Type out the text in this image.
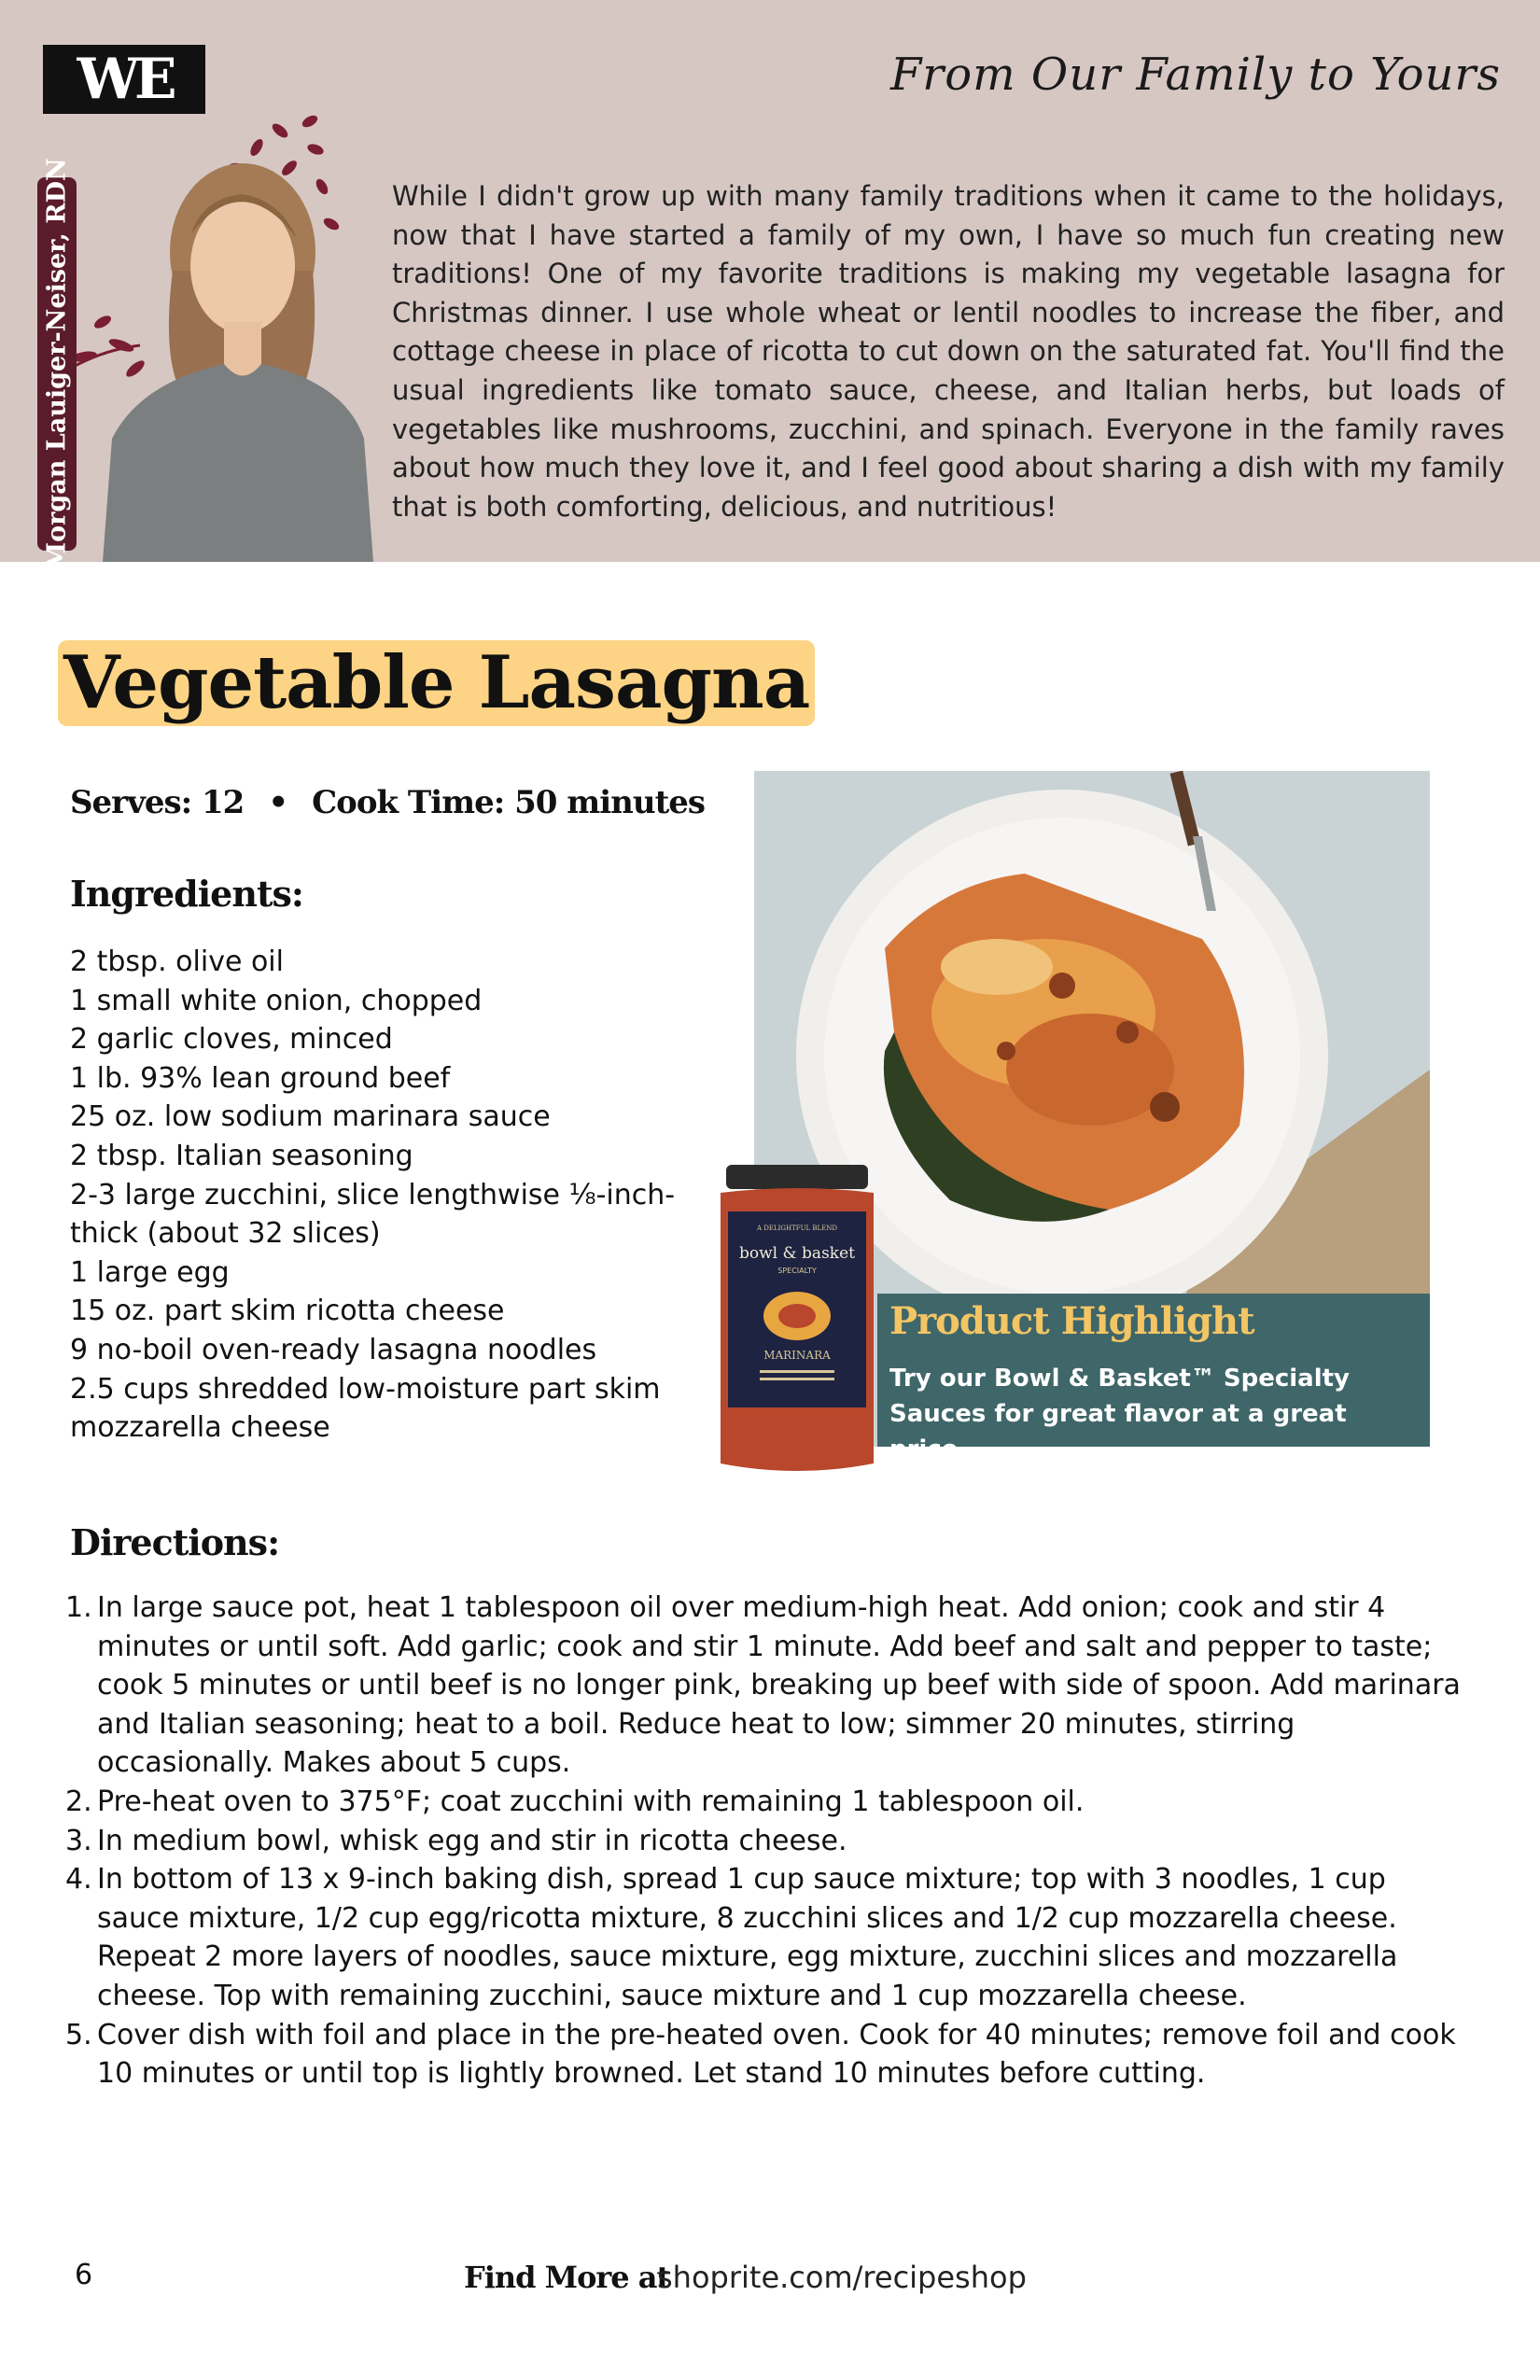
WE	From Our Family to Yours
Morgan Lauiger-Neiser, RDN	While I didn't grow up with many family traditions when it came to the holidays, now that I have started a family of my own, I have so much fun creating new traditions! One of my favorite traditions is making my vegetable lasagna for Christmas dinner. I use whole wheat or lentil noodles to increase the fiber, and cottage cheese in place of ricotta to cut down on the saturated fat. You'll find the usual ingredients like tomato sauce, cheese, and Italian herbs, but loads of vegetables like mushrooms, zucchini, and spinach. Everyone in the family raves about how much they love it, and I feel good about sharing a dish with my family that is both comforting, delicious, and nutritious!
Vegetable Lasagna
Serves: 12 • Cook Time: 50 minutes
Ingredients:
2 tbsp. olive oil
1 small white onion, chopped
2 garlic cloves, minced
1 lb. 93% lean ground beef
25 oz. low sodium marinara sauce
2 tbsp. Italian seasoning
2-3 large zucchini, slice lengthwise ⅛-inch-thick (about 32 slices)
1 large egg
15 oz. part skim ricotta cheese
9 no-boil oven-ready lasagna noodles
2.5 cups shredded low-moisture part skim mozzarella cheese
Product Highlight
Try our Bowl & Basket™ Specialty Sauces for great flavor at a great price.
A DELIGHTFUL BLEND
bowl & basket
SPECIALTY
MARINARA
Directions:
1. In large sauce pot, heat 1 tablespoon oil over medium-high heat. Add onion; cook and stir 4 minutes or until soft. Add garlic; cook and stir 1 minute. Add beef and salt and pepper to taste; cook 5 minutes or until beef is no longer pink, breaking up beef with side of spoon. Add marinara and Italian seasoning; heat to a boil. Reduce heat to low; simmer 20 minutes, stirring occasionally. Makes about 5 cups.
2. Pre-heat oven to 375°F; coat zucchini with remaining 1 tablespoon oil.
3. In medium bowl, whisk egg and stir in ricotta cheese.
4. In bottom of 13 x 9-inch baking dish, spread 1 cup sauce mixture; top with 3 noodles, 1 cup sauce mixture, 1/2 cup egg/ricotta mixture, 8 zucchini slices and 1/2 cup mozzarella cheese. Repeat 2 more layers of noodles, sauce mixture, egg mixture, zucchini slices and mozzarella cheese. Top with remaining zucchini, sauce mixture and 1 cup mozzarella cheese.
5. Cover dish with foil and place in the pre-heated oven. Cook for 40 minutes; remove foil and cook 10 minutes or until top is lightly browned. Let stand 10 minutes before cutting.
6	Find More at
shoprite.com/recipeshop
